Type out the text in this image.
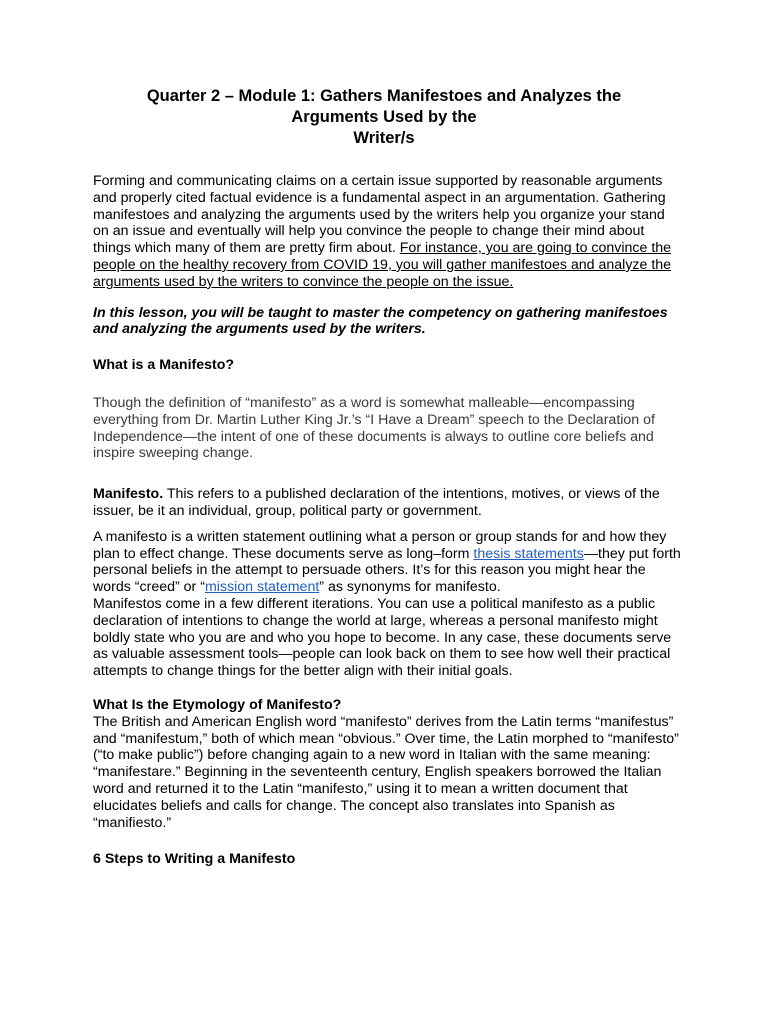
Quarter 2 – Module 1: Gathers Manifestoes and Analyzes the
Arguments Used by the
Writer/s

Forming and communicating claims on a certain issue supported by reasonable arguments and properly cited factual evidence is a fundamental aspect in an argumentation. Gathering manifestoes and analyzing the arguments used by the writers help you organize your stand on an issue and eventually will help you convince the people to change their mind about things which many of them are pretty firm about. For instance, you are going to convince the people on the healthy recovery from COVID 19, you will gather manifestoes and analyze the arguments used by the writers to convince the people on the issue.

In this lesson, you will be taught to master the competency on gathering manifestoes and analyzing the arguments used by the writers.

What is a Manifesto?

Though the definition of “manifesto” as a word is somewhat malleable—encompassing everything from Dr. Martin Luther King Jr.’s “I Have a Dream” speech to the Declaration of Independence—the intent of one of these documents is always to outline core beliefs and inspire sweeping change.

Manifesto. This refers to a published declaration of the intentions, motives, or views of the issuer, be it an individual, group, political party or government.

A manifesto is a written statement outlining what a person or group stands for and how they plan to effect change. These documents serve as long–form thesis statements—they put forth personal beliefs in the attempt to persuade others. It’s for this reason you might hear the words “creed” or “mission statement” as synonyms for manifesto.

Manifestos come in a few different iterations. You can use a political manifesto as a public declaration of intentions to change the world at large, whereas a personal manifesto might boldly state who you are and who you hope to become. In any case, these documents serve as valuable assessment tools—people can look back on them to see how well their practical attempts to change things for the better align with their initial goals.

What Is the Etymology of Manifesto?

The British and American English word “manifesto” derives from the Latin terms “manifestus” and “manifestum,” both of which mean “obvious.” Over time, the Latin morphed to “manifesto” (“to make public”) before changing again to a new word in Italian with the same meaning: “manifestare.” Beginning in the seventeenth century, English speakers borrowed the Italian word and returned it to the Latin “manifesto,” using it to mean a written document that elucidates beliefs and calls for change. The concept also translates into Spanish as “manifiesto.”

6 Steps to Writing a Manifesto
